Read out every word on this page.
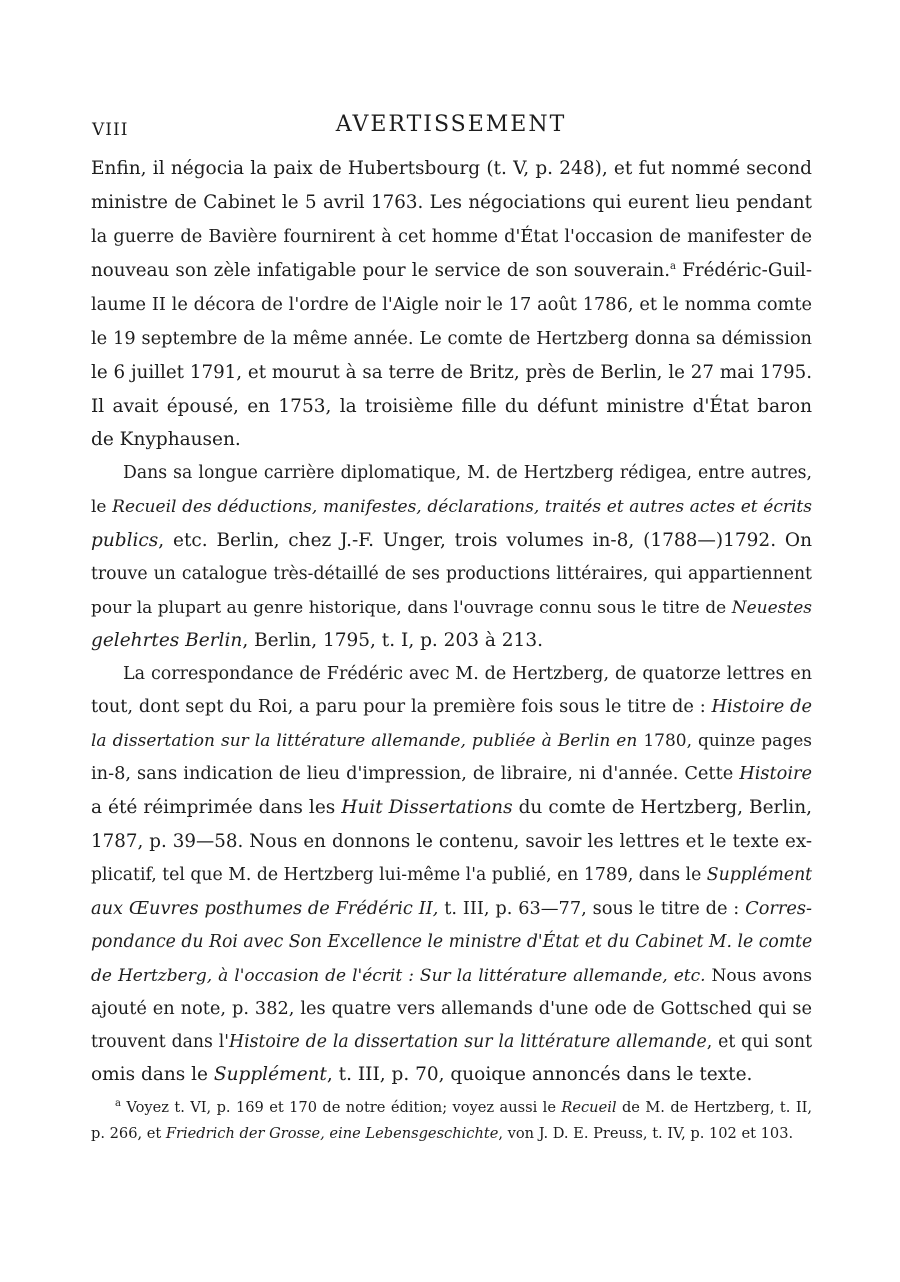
VIII	AVERTISSEMENT
Enfin, il négocia la paix de Hubertsbourg (t. V, p. 248), et fut nommé second
ministre de Cabinet le 5 avril 1763. Les négociations qui eurent lieu pendant
la guerre de Bavière fournirent à cet homme d'État l'occasion de manifester de
nouveau son zèle infatigable pour le service de son souverain.$^a$ Frédéric-Guil-
laume II le décora de l'ordre de l'Aigle noir le 17 août 1786, et le nomma comte
le 19 septembre de la même année. Le comte de Hertzberg donna sa démission
le 6 juillet 1791, et mourut à sa terre de Britz, près de Berlin, le 27 mai 1795.
Il avait épousé, en 1753, la troisième fille du défunt ministre d'État baron
de Knyphausen.
Dans sa longue carrière diplomatique, M. de Hertzberg rédigea, entre autres,
le Recueil des déductions, manifestes, déclarations, traités et autres actes et écrits
publics, etc. Berlin, chez J.-F. Unger, trois volumes in-8, (1788—)1792. On
trouve un catalogue très-détaillé de ses productions littéraires, qui appartiennent
pour la plupart au genre historique, dans l'ouvrage connu sous le titre de Neuestes
gelehrtes Berlin, Berlin, 1795, t. I, p. 203 à 213.
La correspondance de Frédéric avec M. de Hertzberg, de quatorze lettres en
tout, dont sept du Roi, a paru pour la première fois sous le titre de : Histoire de
la dissertation sur la littérature allemande, publiée à Berlin en 1780, quinze pages
in-8, sans indication de lieu d'impression, de libraire, ni d'année. Cette Histoire
a été réimprimée dans les Huit Dissertations du comte de Hertzberg, Berlin,
1787, p. 39—58. Nous en donnons le contenu, savoir les lettres et le texte ex-
plicatif, tel que M. de Hertzberg lui-même l'a publié, en 1789, dans le Supplément
aux Œuvres posthumes de Frédéric II, t. III, p. 63—77, sous le titre de : Corres-
pondance du Roi avec Son Excellence le ministre d'État et du Cabinet M. le comte
de Hertzberg, à l'occasion de l'écrit : Sur la littérature allemande, etc. Nous avons
ajouté en note, p. 382, les quatre vers allemands d'une ode de Gottsched qui se
trouvent dans l'Histoire de la dissertation sur la littérature allemande, et qui sont
omis dans le Supplément, t. III, p. 70, quoique annoncés dans le texte.
$^a$ Voyez t. VI, p. 169 et 170 de notre édition; voyez aussi le Recueil de M. de Hertzberg, t. II,
p. 266, et Friedrich der Grosse, eine Lebensgeschichte, von J. D. E. Preuss, t. IV, p. 102 et 103.
